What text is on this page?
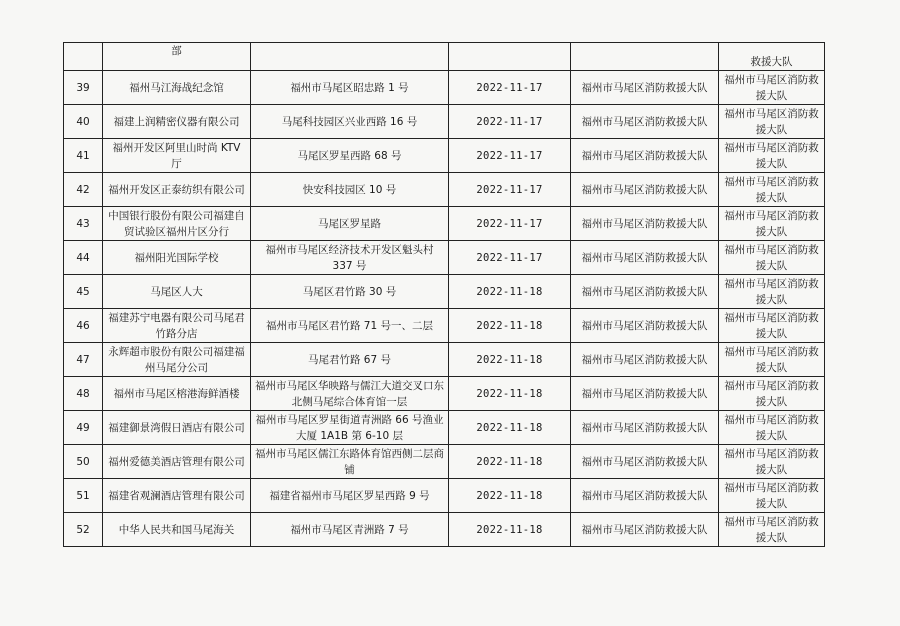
	部				救援大队
39	福州马江海战纪念馆	福州市马尾区昭忠路 1 号	2022-11-17	福州市马尾区消防救援大队	福州市马尾区消防救援大队
40	福建上润精密仪器有限公司	马尾科技园区兴业西路 16 号	2022-11-17	福州市马尾区消防救援大队	福州市马尾区消防救援大队
41	福州开发区阿里山时尚 KTV 厅	马尾区罗星西路 68 号	2022-11-17	福州市马尾区消防救援大队	福州市马尾区消防救援大队
42	福州开发区正泰纺织有限公司	快安科技园区 10 号	2022-11-17	福州市马尾区消防救援大队	福州市马尾区消防救援大队
43	中国银行股份有限公司福建自贸试验区福州片区分行	马尾区罗星路	2022-11-17	福州市马尾区消防救援大队	福州市马尾区消防救援大队
44	福州阳光国际学校	福州市马尾区经济技术开发区魁头村 337 号	2022-11-17	福州市马尾区消防救援大队	福州市马尾区消防救援大队
45	马尾区人大	马尾区君竹路 30 号	2022-11-18	福州市马尾区消防救援大队	福州市马尾区消防救援大队
46	福建苏宁电器有限公司马尾君竹路分店	福州市马尾区君竹路 71 号一、二层	2022-11-18	福州市马尾区消防救援大队	福州市马尾区消防救援大队
47	永辉超市股份有限公司福建福州马尾分公司	马尾君竹路 67 号	2022-11-18	福州市马尾区消防救援大队	福州市马尾区消防救援大队
48	福州市马尾区榕港海鲜酒楼	福州市马尾区华映路与儒江大道交叉口东北侧马尾综合体育馆一层	2022-11-18	福州市马尾区消防救援大队	福州市马尾区消防救援大队
49	福建御景湾假日酒店有限公司	福州市马尾区罗星街道青洲路 66 号渔业大厦 1A1B 第 6-10 层	2022-11-18	福州市马尾区消防救援大队	福州市马尾区消防救援大队
50	福州爱德美酒店管理有限公司	福州市马尾区儒江东路体育馆西侧二层商铺	2022-11-18	福州市马尾区消防救援大队	福州市马尾区消防救援大队
51	福建省观澜酒店管理有限公司	福建省福州市马尾区罗星西路 9 号	2022-11-18	福州市马尾区消防救援大队	福州市马尾区消防救援大队
52	中华人民共和国马尾海关	福州市马尾区青洲路 7 号	2022-11-18	福州市马尾区消防救援大队	福州市马尾区消防救援大队
